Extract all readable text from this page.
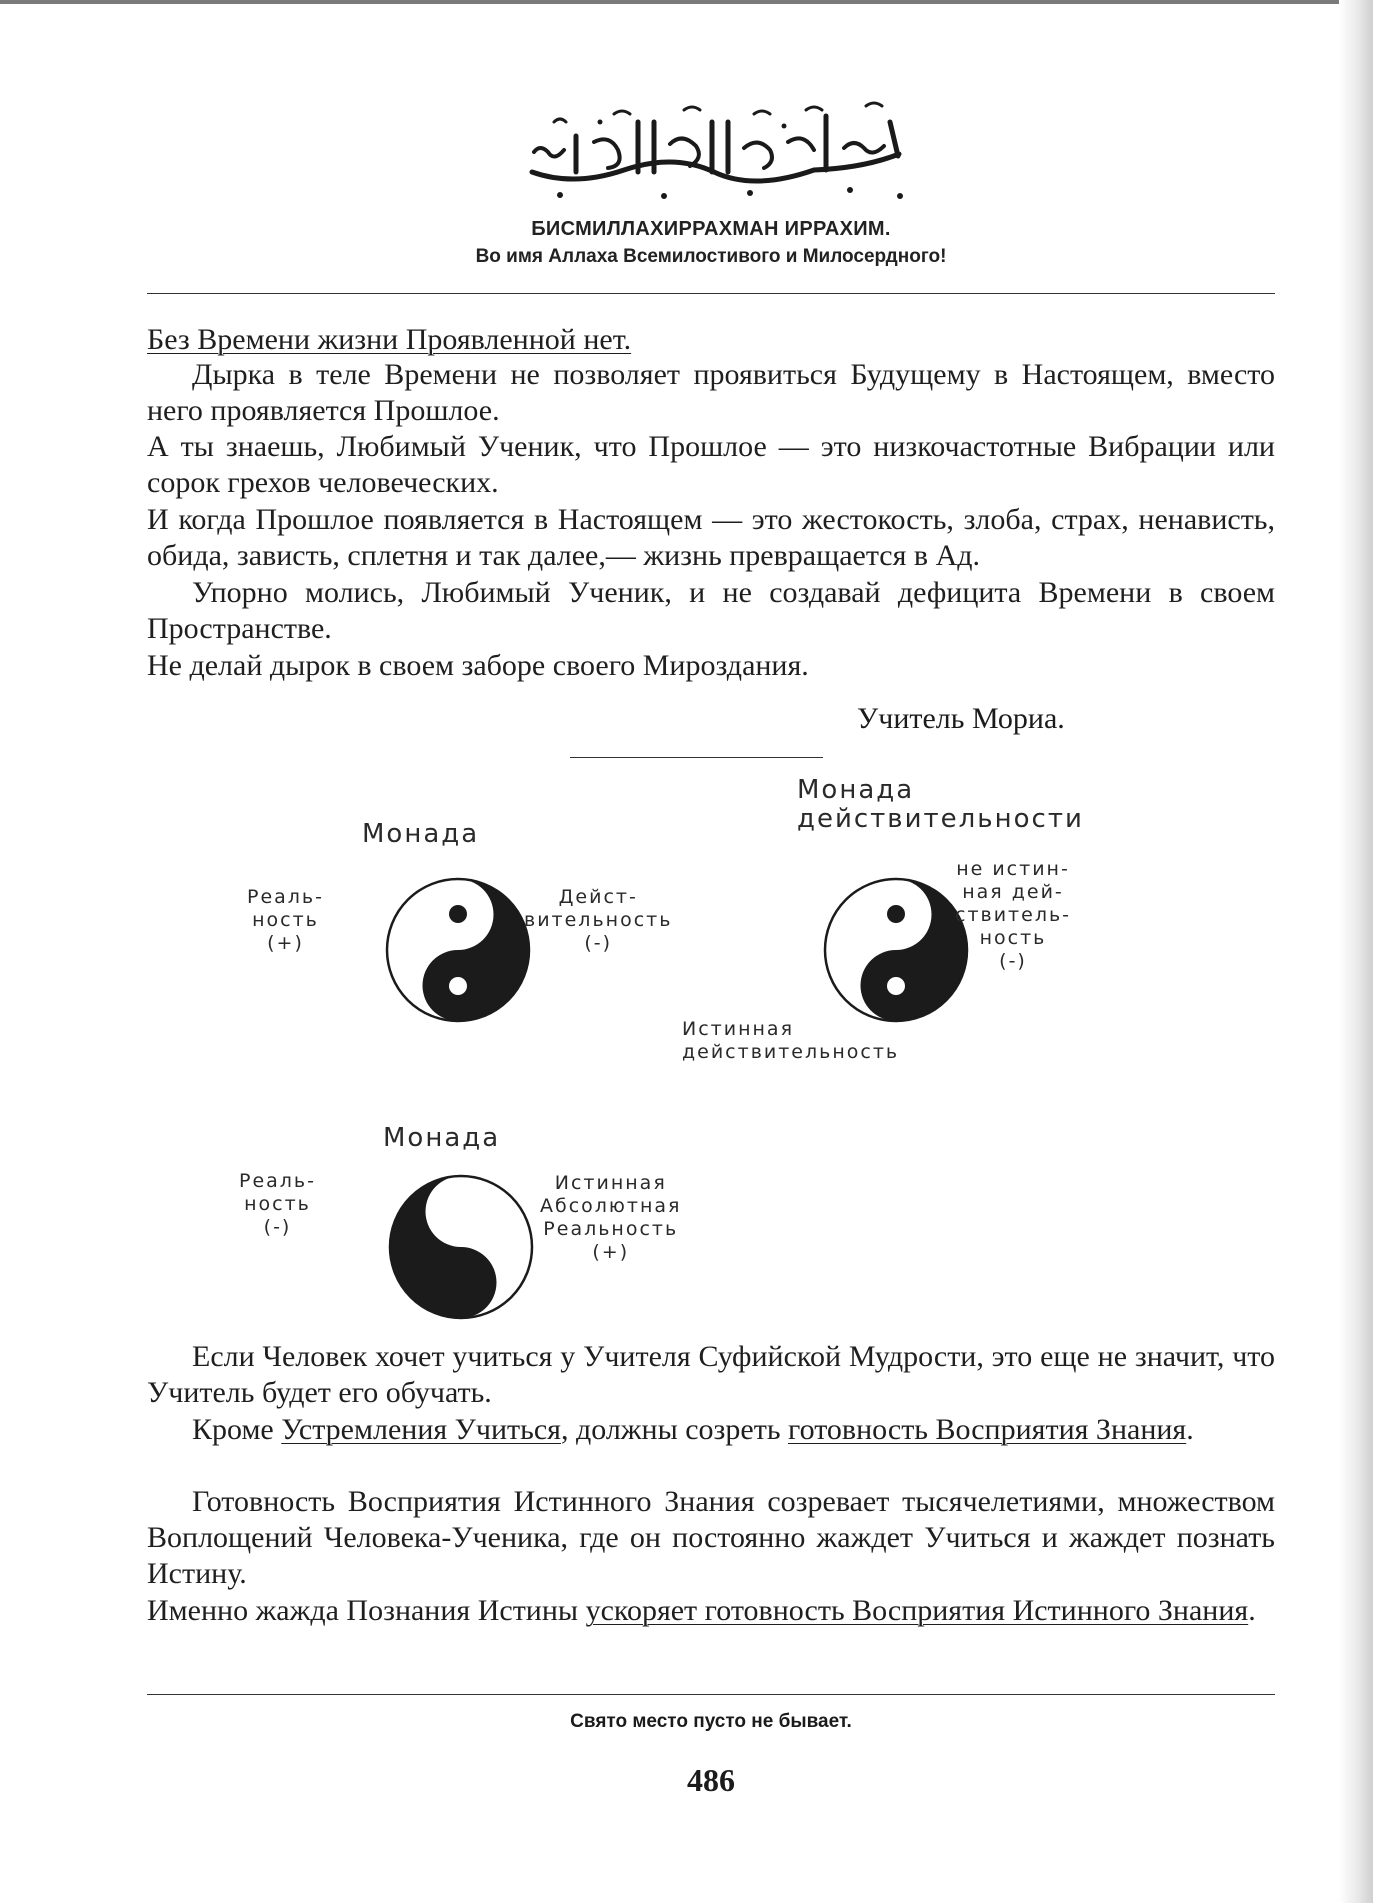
БИСМИЛЛАХИРРАХМАН ИРРАХИМ.
Во имя Аллаха Всемилостивого и Милосердного!

Без Времени жизни Проявленной нет.

Дырка в теле Времени не позволяет проявиться Будущему в Настоящем, вместо него проявляется Прошлое.

А ты знаешь, Любимый Ученик, что Прошлое — это низкочастотные Вибрации или сорок грехов человеческих.

И когда Прошлое появляется в Настоящем — это жестокость, злоба, страх, ненависть, обида, зависть, сплетня и так далее,— жизнь превращается в Ад.

Упорно молись, Любимый Ученик, и не создавай дефицита Времени в своем Пространстве.

Не делай дырок в своем заборе своего Мироздания.

Учитель Мориа.
Монада
Реаль-
ность
(+)
Дейст-
вительность
(-)
Монада
действительности
не истин-
ная дей-
ствитель-
ность
(-)
Истинная
действительность
Монада
Реаль-
ность
(-)
Истинная
Абсолютная
Реальность
(+)

Если Человек хочет учиться у Учителя Суфийской Мудрости, это еще не значит, что Учитель будет его обучать.

Кроме Устремления Учиться, должны созреть готовность Восприятия Знания.

Готовность Восприятия Истинного Знания созревает тысячелетиями, множеством Воплощений Человека-Ученика, где он постоянно жаждет Учиться и жаждет познать Истину.

Именно жажда Познания Истины ускоряет готовность Восприятия Истинного Знания.

Свято место пусто не бывает.
486
